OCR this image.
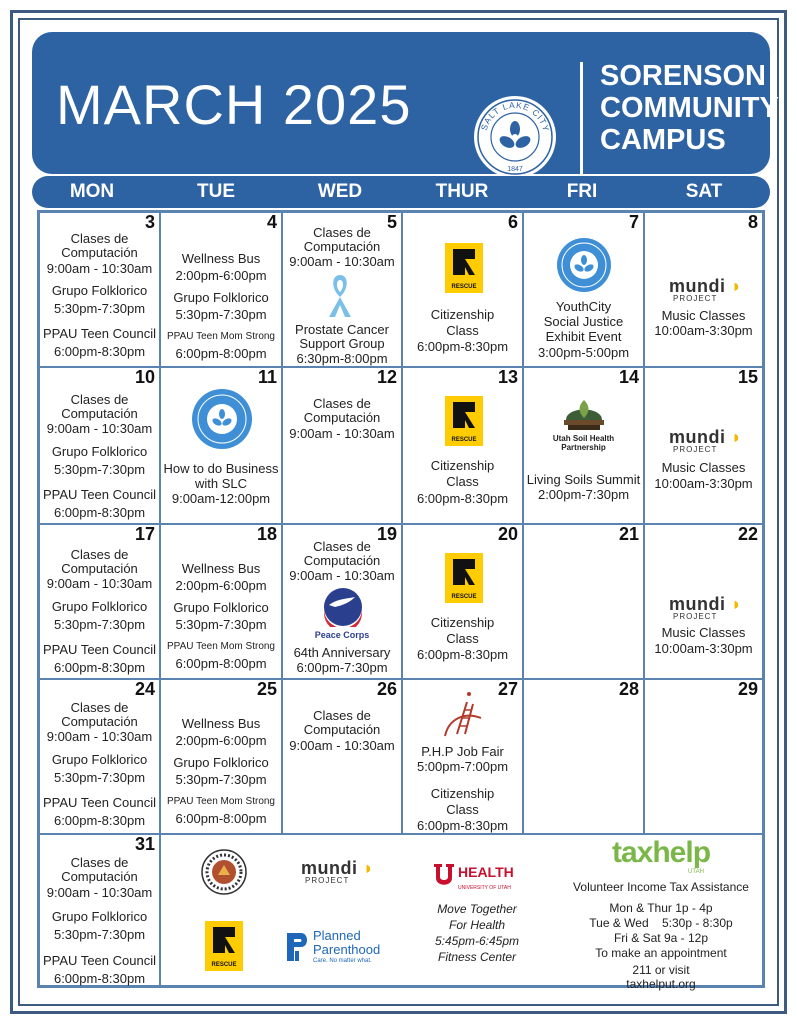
MARCH 2025	SALT LAKE CITY
1847
SORENSON
COMMUNITY
CAMPUS
MON	TUE	WED	THUR	FRI	SAT
3
Clases de
Computación
9:00am - 10:30am
Grupo Folklorico
5:30pm-7:30pm
PPAU Teen Council
6:00pm-8:30pm
4
Wellness Bus
2:00pm-6:00pm
Grupo Folklorico
5:30pm-7:30pm
PPAU Teen Mom Strong
6:00pm-8:00pm
5
Clases de
Computación
9:00am - 10:30am
Prostate Cancer
Support Group
6:30pm-8:00pm
6
RESCUE
Citizenship
Class
6:00pm-8:30pm
7
YouthCity
Social Justice
Exhibit Event
3:00pm-5:00pm
8
mundi ◗
PROJECT
Music Classes
10:00am-3:30pm
10
Clases de
Computación
9:00am - 10:30am
Grupo Folklorico
5:30pm-7:30pm
PPAU Teen Council
6:00pm-8:30pm
11
How to do Business
with SLC
9:00am-12:00pm
12
Clases de
Computación
9:00am - 10:30am
13
RESCUE
Citizenship
Class
6:00pm-8:30pm
14
Utah Soil Health
Partnership
Living Soils Summit
2:00pm-7:30pm
15
mundi ◗
PROJECT
Music Classes
10:00am-3:30pm
17
Clases de
Computación
9:00am - 10:30am
Grupo Folklorico
5:30pm-7:30pm
PPAU Teen Council
6:00pm-8:30pm
18
Wellness Bus
2:00pm-6:00pm
Grupo Folklorico
5:30pm-7:30pm
PPAU Teen Mom Strong
6:00pm-8:00pm
19
Clases de
Computación
9:00am - 10:30am
Peace Corps
64th Anniversary
6:00pm-7:30pm
20
RESCUE
Citizenship
Class
6:00pm-8:30pm
21	22
mundi ◗
PROJECT
Music Classes
10:00am-3:30pm
24
Clases de
Computación
9:00am - 10:30am
Grupo Folklorico
5:30pm-7:30pm
PPAU Teen Council
6:00pm-8:30pm
25
Wellness Bus
2:00pm-6:00pm
Grupo Folklorico
5:30pm-7:30pm
PPAU Teen Mom Strong
6:00pm-8:00pm
26
Clases de
Computación
9:00am - 10:30am
27
P.H.P Job Fair
5:00pm-7:00pm
Citizenship
Class
6:00pm-8:30pm
28	29
31
Clases de
Computación
9:00am - 10:30am
Grupo Folklorico
5:30pm-7:30pm
PPAU Teen Council
6:00pm-8:30pm
RESCUE
mundi ◗
PROJECT
Planned
Parenthood
Care. No matter what.
HEALTH
UNIVERSITY OF UTAH
Move Together
For Health
5:45pm-6:45pm
Fitness Center
taxhelp
UTAH
Volunteer Income Tax Assistance
Mon & Thur 1p - 4p
Tue & Wed    5:30p - 8:30p
Fri & Sat 9a - 12p
To make an appointment
211 or visit
taxhelput.org
